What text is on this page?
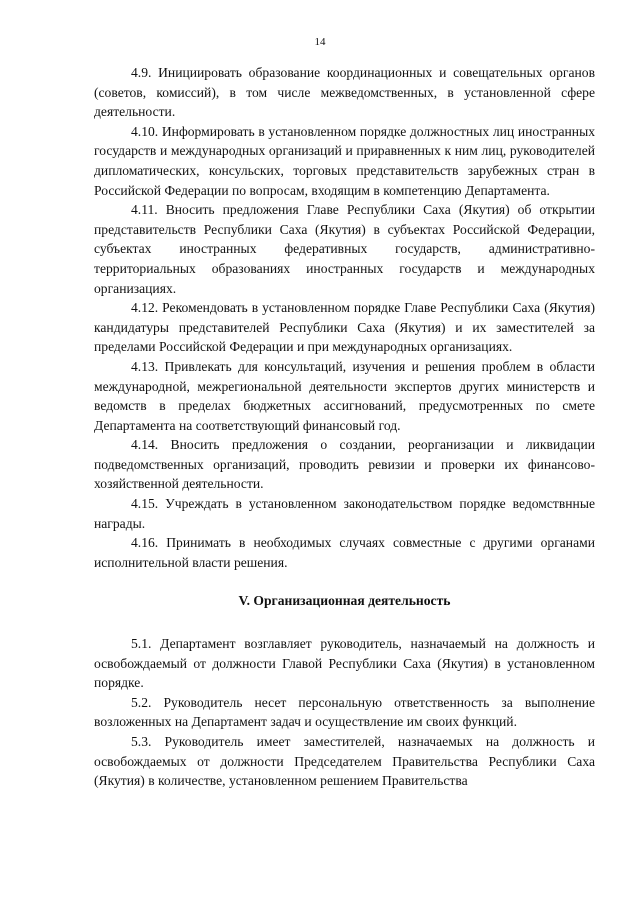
14

4.9. Инициировать образование координационных и совещательных органов (советов, комиссий), в том числе межведомственных, в установленной сфере деятельности.

4.10. Информировать в установленном порядке должностных лиц иностранных государств и международных организаций и приравненных к ним лиц, руководителей дипломатических, консульских, торговых представительств зарубежных стран в Российской Федерации по вопросам, входящим в компетенцию Департамента.

4.11. Вносить предложения Главе Республики Саха (Якутия) об открытии представительств Республики Саха (Якутия) в субъектах Российской Федерации, субъектах иностранных федеративных государств, административно-территориальных образованиях иностранных государств и международных организациях.

4.12. Рекомендовать в установленном порядке Главе Республики Саха (Якутия) кандидатуры представителей Республики Саха (Якутия) и их заместителей за пределами Российской Федерации и при международных организациях.

4.13. Привлекать для консультаций, изучения и решения проблем в области международной, межрегиональной деятельности экспертов других министерств и ведомств в пределах бюджетных ассигнований, предусмотренных по смете Департамента на соответствующий финансовый год.

4.14. Вносить предложения о создании, реорганизации и ликвидации подведомственных организаций, проводить ревизии и проверки их финансово-хозяйственной деятельности.

4.15. Учреждать в установленном законодательством порядке ведомствнные награды.

4.16. Принимать в необходимых случаях совместные с другими органами исполнительной власти решения.

V. Организационная деятельность

5.1. Департамент возглавляет руководитель, назначаемый на должность и освобождаемый от должности Главой Республики Саха (Якутия) в установленном порядке.

5.2. Руководитель несет персональную ответственность за выполнение возложенных на Департамент задач и осуществление им своих функций.

5.3. Руководитель имеет заместителей, назначаемых на должность и освобождаемых от должности Председателем Правительства Республики Саха (Якутия) в количестве, установленном решением Правительства
